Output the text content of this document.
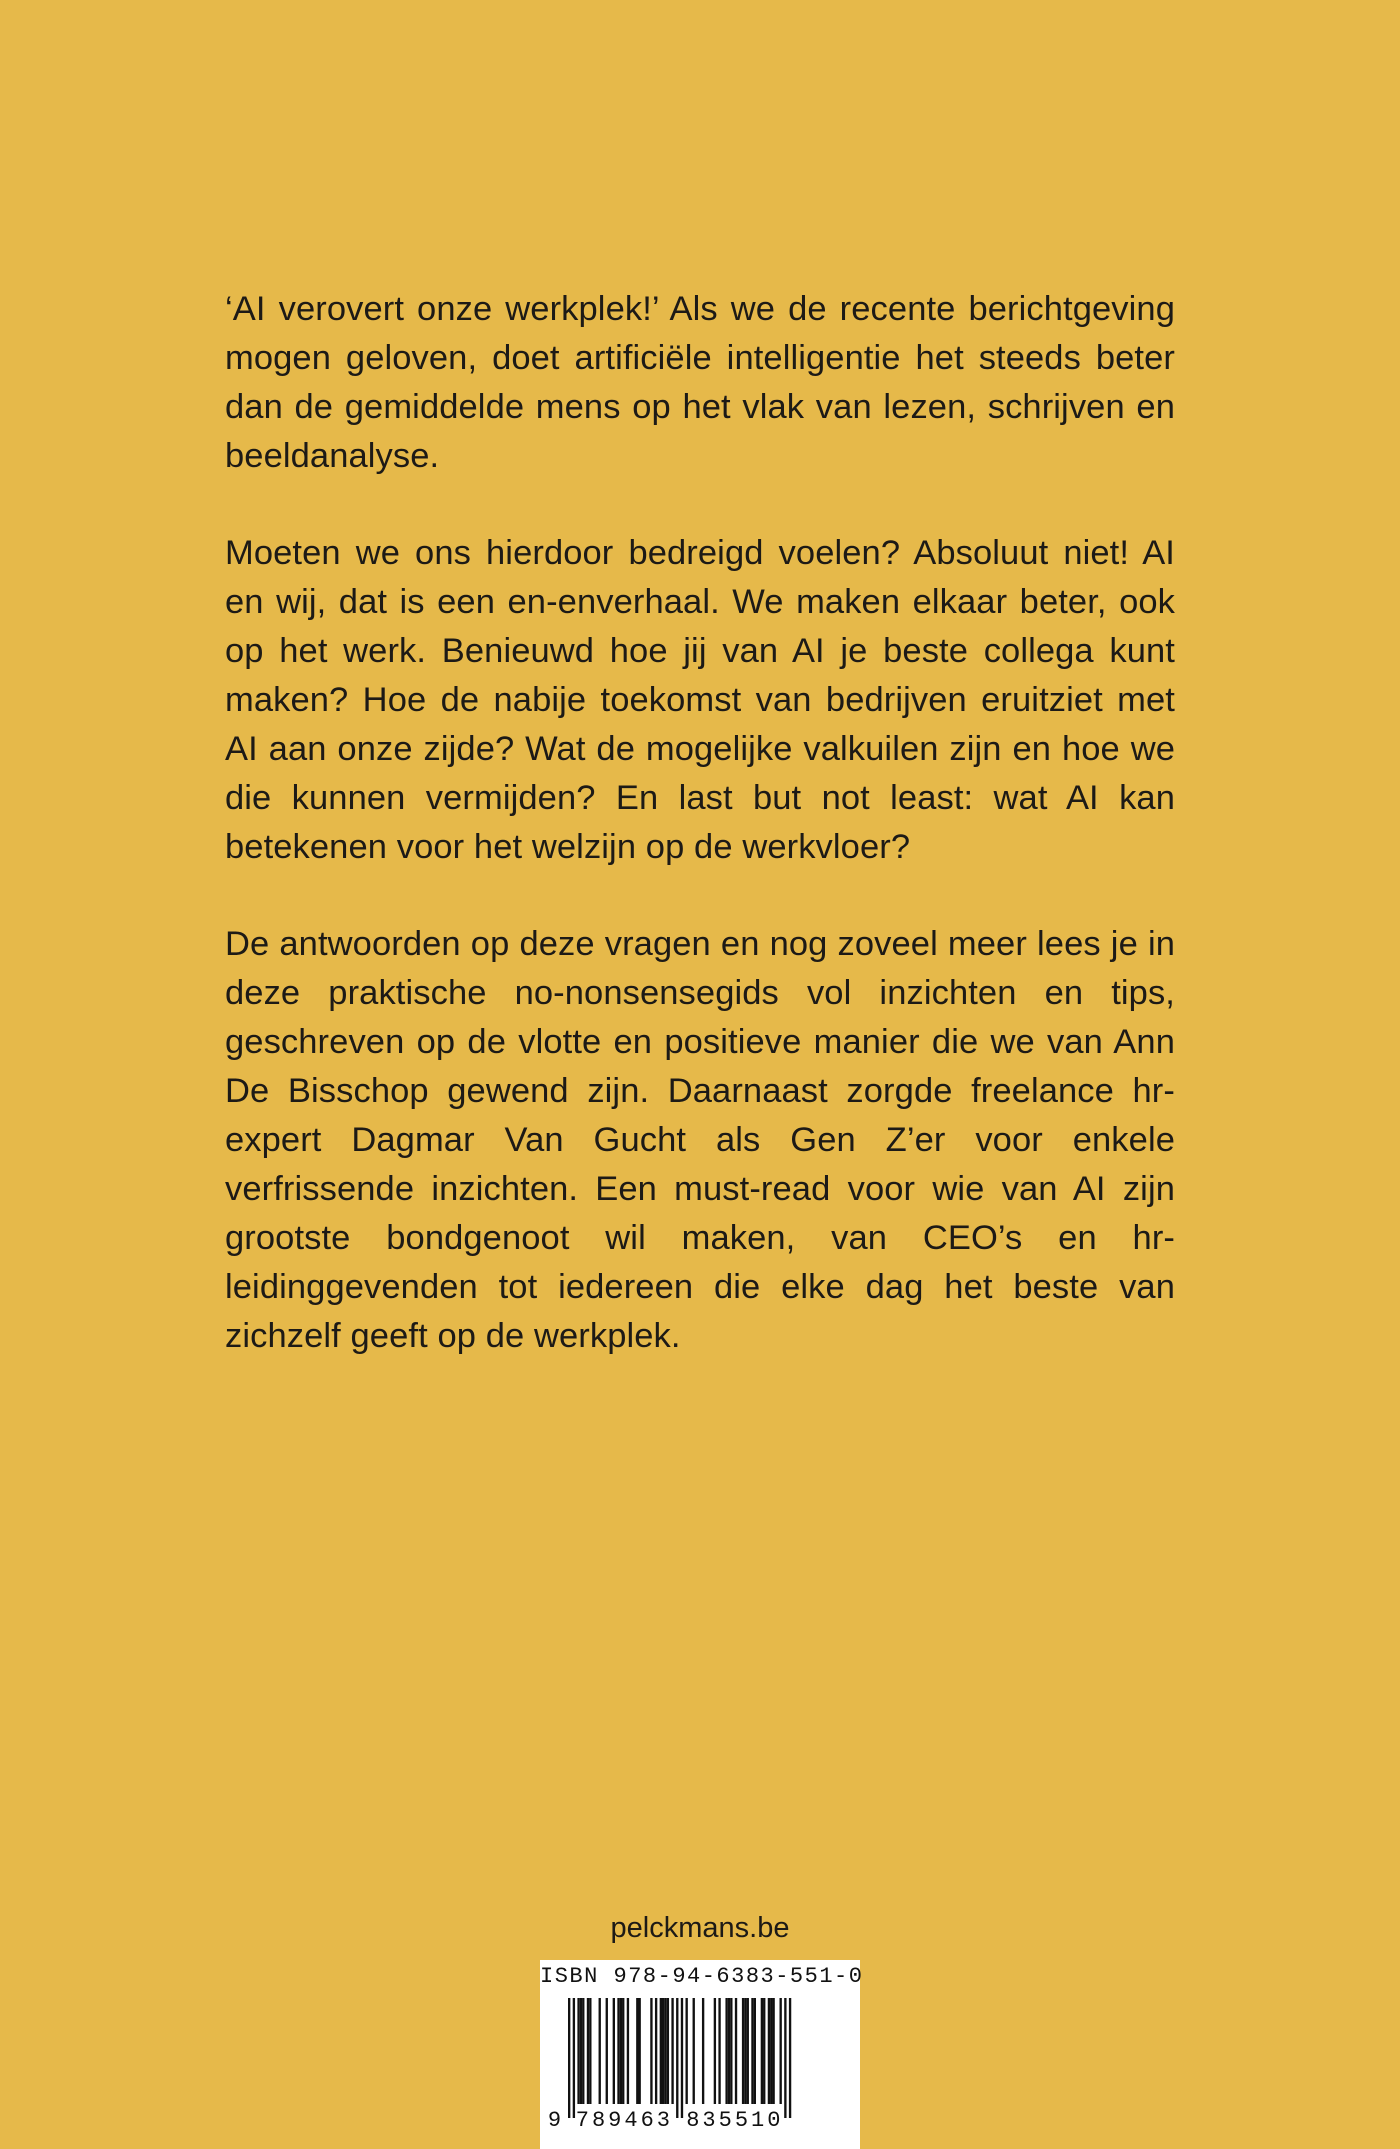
‘AI verovert onze werkplek!’ Als we de recente berichtgeving mogen geloven, doet artificiële intelligentie het steeds beter dan de gemiddelde mens op het vlak van lezen, schrijven en beeldanalyse.

Moeten we ons hierdoor bedreigd voelen? Absoluut niet! AI en wij, dat is een en-enverhaal. We maken elkaar beter, ook op het werk. Benieuwd hoe jij van AI je beste collega kunt maken? Hoe de nabije toekomst van bedrijven eruitziet met AI aan onze zijde? Wat de mogelijke valkuilen zijn en hoe we die kunnen vermijden? En last but not least: wat AI kan betekenen voor het welzijn op de werkvloer?

De antwoorden op deze vragen en nog zoveel meer lees je in deze praktische no-nonsensegids vol inzichten en tips, geschreven op de vlotte en positieve manier die we van Ann De Bisschop gewend zijn. Daarnaast zorgde freelance hr-expert Dagmar Van Gucht als Gen Z’er voor enkele verfrissende inzichten. Een must-read voor wie van AI zijn grootste bondgenoot wil maken, van CEO’s en hr-leidinggevenden tot iedereen die elke dag het beste van zichzelf geeft op de werkplek.

pelckmans.be
ISBN 978-94-6383-551-0
9 789463 835510
